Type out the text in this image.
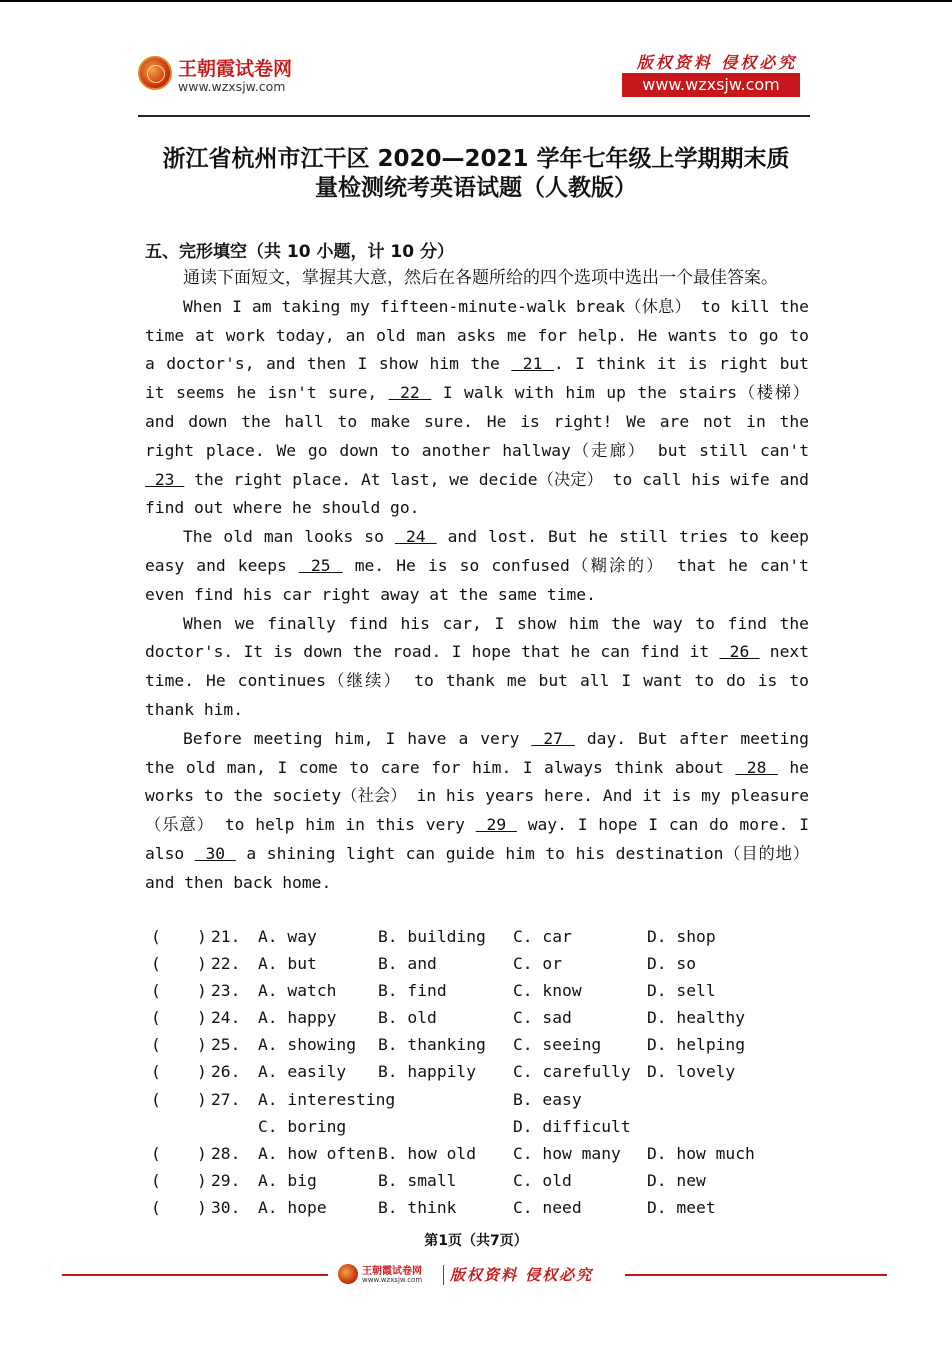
王朝霞试卷网
www.wzxsjw.com
版权资料 侵权必究
www.wzxsjw.com
浙江省杭州市江干区 2020—2021 学年七年级上学期期末质
量检测统考英语试题（人教版）
五、完形填空（共 10 小题，计 10 分）

通读下面短文，掌握其大意，然后在各题所给的四个选项中选出一个最佳答案。

When I am taking my fifteen-minute-walk break（休息） to kill the time at work today, an old man asks me for help. He wants to go to a doctor's, and then I show him the  21 . I think it is right but it seems he isn't sure,  22  I walk with him up the stairs（楼梯） and down the hall to make sure. He is right! We are not in the right place. We go down to another hallway（走廊） but still can't  23  the right place. At last, we decide（决定） to call his wife and find out where he should go.

The old man looks so  24  and lost. But he still tries to keep easy and keeps  25  me. He is so confused（糊涂的） that he can't even find his car right away at the same time.

When we finally find his car, I show him the way to find the doctor's. It is down the road. I hope that he can find it  26  next time. He continues（继续） to thank me but all I want to do is to thank him.

Before meeting him, I have a very  27  day. But after meeting the old man, I come to care for him. I always think about  28  he works to the society（社会） in his years here. And it is my pleasure（乐意） to help him in this very  29  way. I hope I can do more. I also  30  a shining light can guide him to his destination（目的地） and then back home.

( ) 21. A. way	B. building C. car	D. shop
( ) 22. A. but	B. and	C. or	D. so
( ) 23. A. watch	B. find	C. know	D. sell
( ) 24. A. happy	B. old	C. sad	D. healthy
( ) 25. A. showing B. thanking C. seeing	D. helping
( ) 26. A. easily B. happily C. carefully D. lovely
( ) 27. A. interesting	B. easy
C. boring	D. difficult
( ) 28. A. how often B. how old C. how many D. how much
( ) 29. A. big	B. small	C. old	D. new
( ) 30. A. hope	B. think	C. need	D. meet
第1页（共7页）
王朝霞试卷网
www.wzxsjw.com 版权资料 侵权必究
